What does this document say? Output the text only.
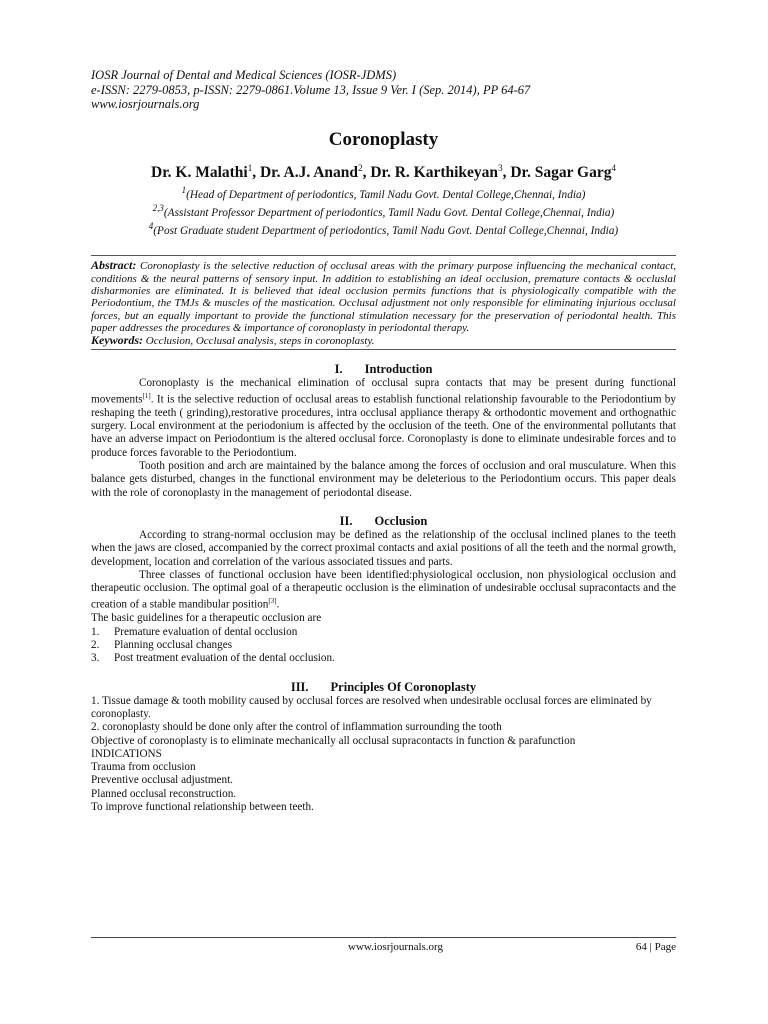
IOSR Journal of Dental and Medical Sciences (IOSR-JDMS)
e-ISSN: 2279-0853, p-ISSN: 2279-0861.Volume 13, Issue 9 Ver. I (Sep. 2014), PP 64-67
www.iosrjournals.org
Coronoplasty
Dr. K. Malathi$^1$, Dr. A.J. Anand$^2$, Dr. R. Karthikeyan$^3$, Dr. Sagar Garg$^4$
$^1$(Head of Department of periodontics, Tamil Nadu Govt. Dental College,Chennai, India)
$^{2,3}$(Assistant Professor Department of periodontics, Tamil Nadu Govt. Dental College,Chennai, India)
$^4$(Post Graduate student Department of periodontics, Tamil Nadu Govt. Dental College,Chennai, India)
Abstract: Coronoplasty is the selective reduction of occlusal areas with the primary purpose influencing the mechanical contact, conditions & the neural patterns of sensory input. In addition to establishing an ideal occlusion, premature contacts & occluslal disharmonies are eliminated. It is believed that ideal occlusion permits functions that is physiologically compatible with the Periodontium, the TMJs & muscles of the mastication. Occlusal adjustment not only responsible for eliminating injurious occlusal forces, but an equally important to provide the functional stimulation necessary for the preservation of periodontal health. This paper addresses the procedures & importance of coronoplasty in periodontal therapy.
Keywords: Occlusion, Occlusal analysis, steps in coronoplasty.
I. Introduction
Coronoplasty is the mechanical elimination of occlusal supra contacts that may be present during functional movements[1]. It is the selective reduction of occlusal areas to establish functional relationship favourable to the Periodontium by reshaping the teeth ( grinding),restorative procedures, intra occlusal appliance therapy & orthodontic movement and orthognathic surgery. Local environment at the periodonium is affected by the occlusion of the teeth. One of the environmental pollutants that have an adverse impact on Periodontium is the altered occlusal force. Coronoplasty is done to eliminate undesirable forces and to produce forces favorable to the Periodontium.
Tooth position and arch are maintained by the balance among the forces of occlusion and oral musculature. When this balance gets disturbed, changes in the functional environment may be deleterious to the Periodontium occurs. This paper deals with the role of coronoplasty in the management of periodontal disease.
II. Occlusion
According to strang-normal occlusion may be defined as the relationship of the occlusal inclined planes to the teeth when the jaws are closed, accompanied by the correct proximal contacts and axial positions of all the teeth and the normal growth, development, location and correlation of the various associated tissues and parts.
Three classes of functional occlusion have been identified:physiological occlusion, non physiological occlusion and therapeutic occlusion. The optimal goal of a therapeutic occlusion is the elimination of undesirable occlusal supracontacts and the creation of a stable mandibular position[3].
The basic guidelines for a therapeutic occlusion are
1.	Premature evaluation of dental occlusion
2.	Planning occlusal changes
3.	Post treatment evaluation of the dental occlusion.
III. Principles Of Coronoplasty
1. Tissue damage & tooth mobility caused by occlusal forces are resolved when undesirable occlusal forces are eliminated by coronoplasty.
2. coronoplasty should be done only after the control of inflammation surrounding the tooth
Objective of coronoplasty is to eliminate mechanically all occlusal supracontacts in function & parafunction
INDICATIONS
Trauma from occlusion
Preventive occlusal adjustment.
Planned occlusal reconstruction.
To improve functional relationship between teeth.
www.iosrjournals.org	64 | Page
